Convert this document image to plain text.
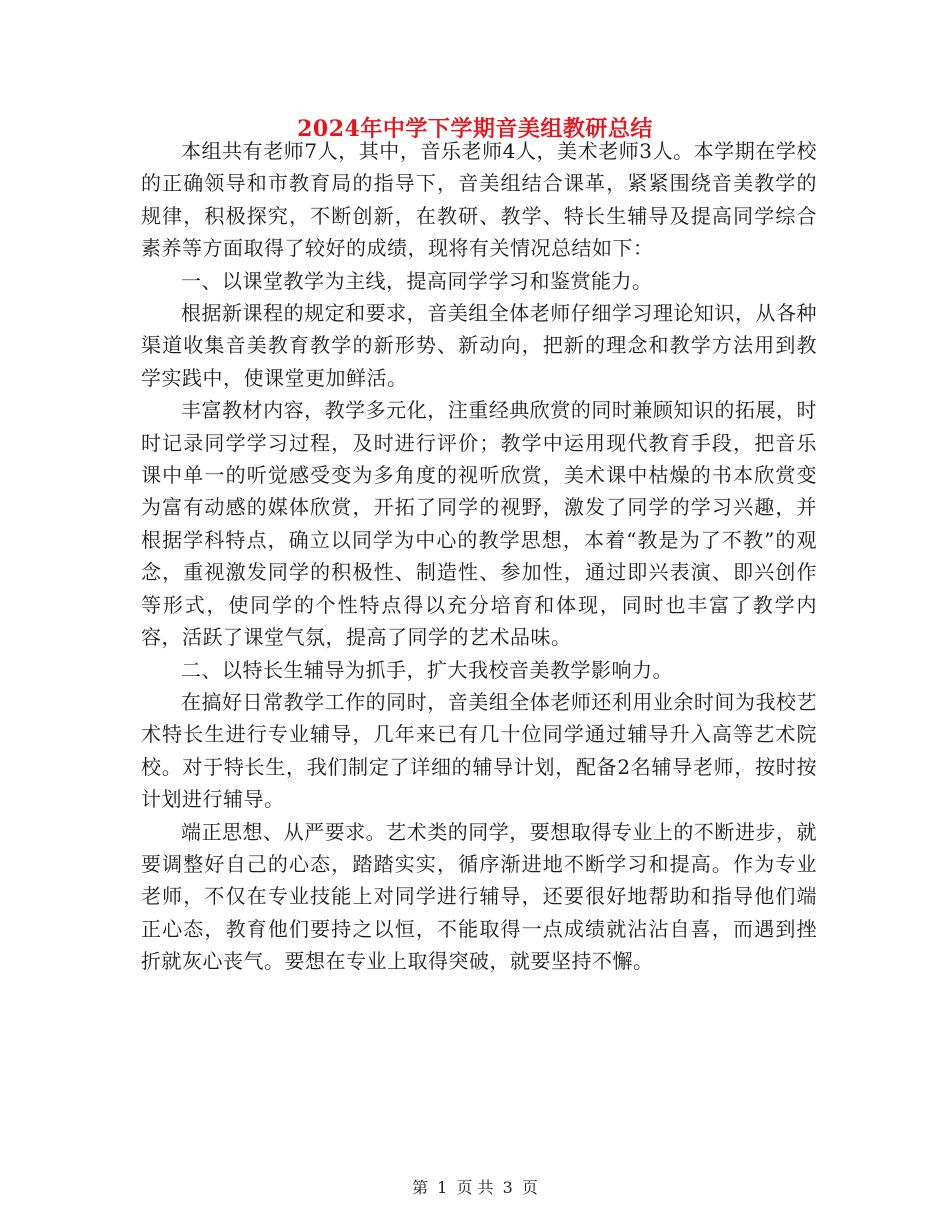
2024年中学下学期音美组教研总结

本组共有老师7人，其中，音乐老师4人，美术老师3人。本学期在学校的正确领导和市教育局的指导下，音美组结合课革，紧紧围绕音美教学的规律，积极探究，不断创新，在教研、教学、特长生辅导及提高同学综合素养等方面取得了较好的成绩，现将有关情况总结如下：

一、以课堂教学为主线，提高同学学习和鉴赏能力。

根据新课程的规定和要求，音美组全体老师仔细学习理论知识，从各种渠道收集音美教育教学的新形势、新动向，把新的理念和教学方法用到教学实践中，使课堂更加鲜活。

丰富教材内容，教学多元化，注重经典欣赏的同时兼顾知识的拓展，时时记录同学学习过程，及时进行评价；教学中运用现代教育手段，把音乐课中单一的听觉感受变为多角度的视听欣赏，美术课中枯燥的书本欣赏变为富有动感的媒体欣赏，开拓了同学的视野，激发了同学的学习兴趣，并根据学科特点，确立以同学为中心的教学思想，本着“教是为了不教”的观念，重视激发同学的积极性、制造性、参加性，通过即兴表演、即兴创作等形式，使同学的个性特点得以充分培育和体现，同时也丰富了教学内容，活跃了课堂气氛，提高了同学的艺术品味。

二、以特长生辅导为抓手，扩大我校音美教学影响力。

在搞好日常教学工作的同时，音美组全体老师还利用业余时间为我校艺术特长生进行专业辅导，几年来已有几十位同学通过辅导升入高等艺术院校。对于特长生，我们制定了详细的辅导计划，配备2名辅导老师，按时按计划进行辅导。

端正思想、从严要求。艺术类的同学，要想取得专业上的不断进步，就要调整好自己的心态，踏踏实实，循序渐进地不断学习和提高。作为专业老师，不仅在专业技能上对同学进行辅导，还要很好地帮助和指导他们端正心态，教育他们要持之以恒，不能取得一点成绩就沾沾自喜，而遇到挫折就灰心丧气。要想在专业上取得突破，就要坚持不懈。

第 1 页 共 3 页
